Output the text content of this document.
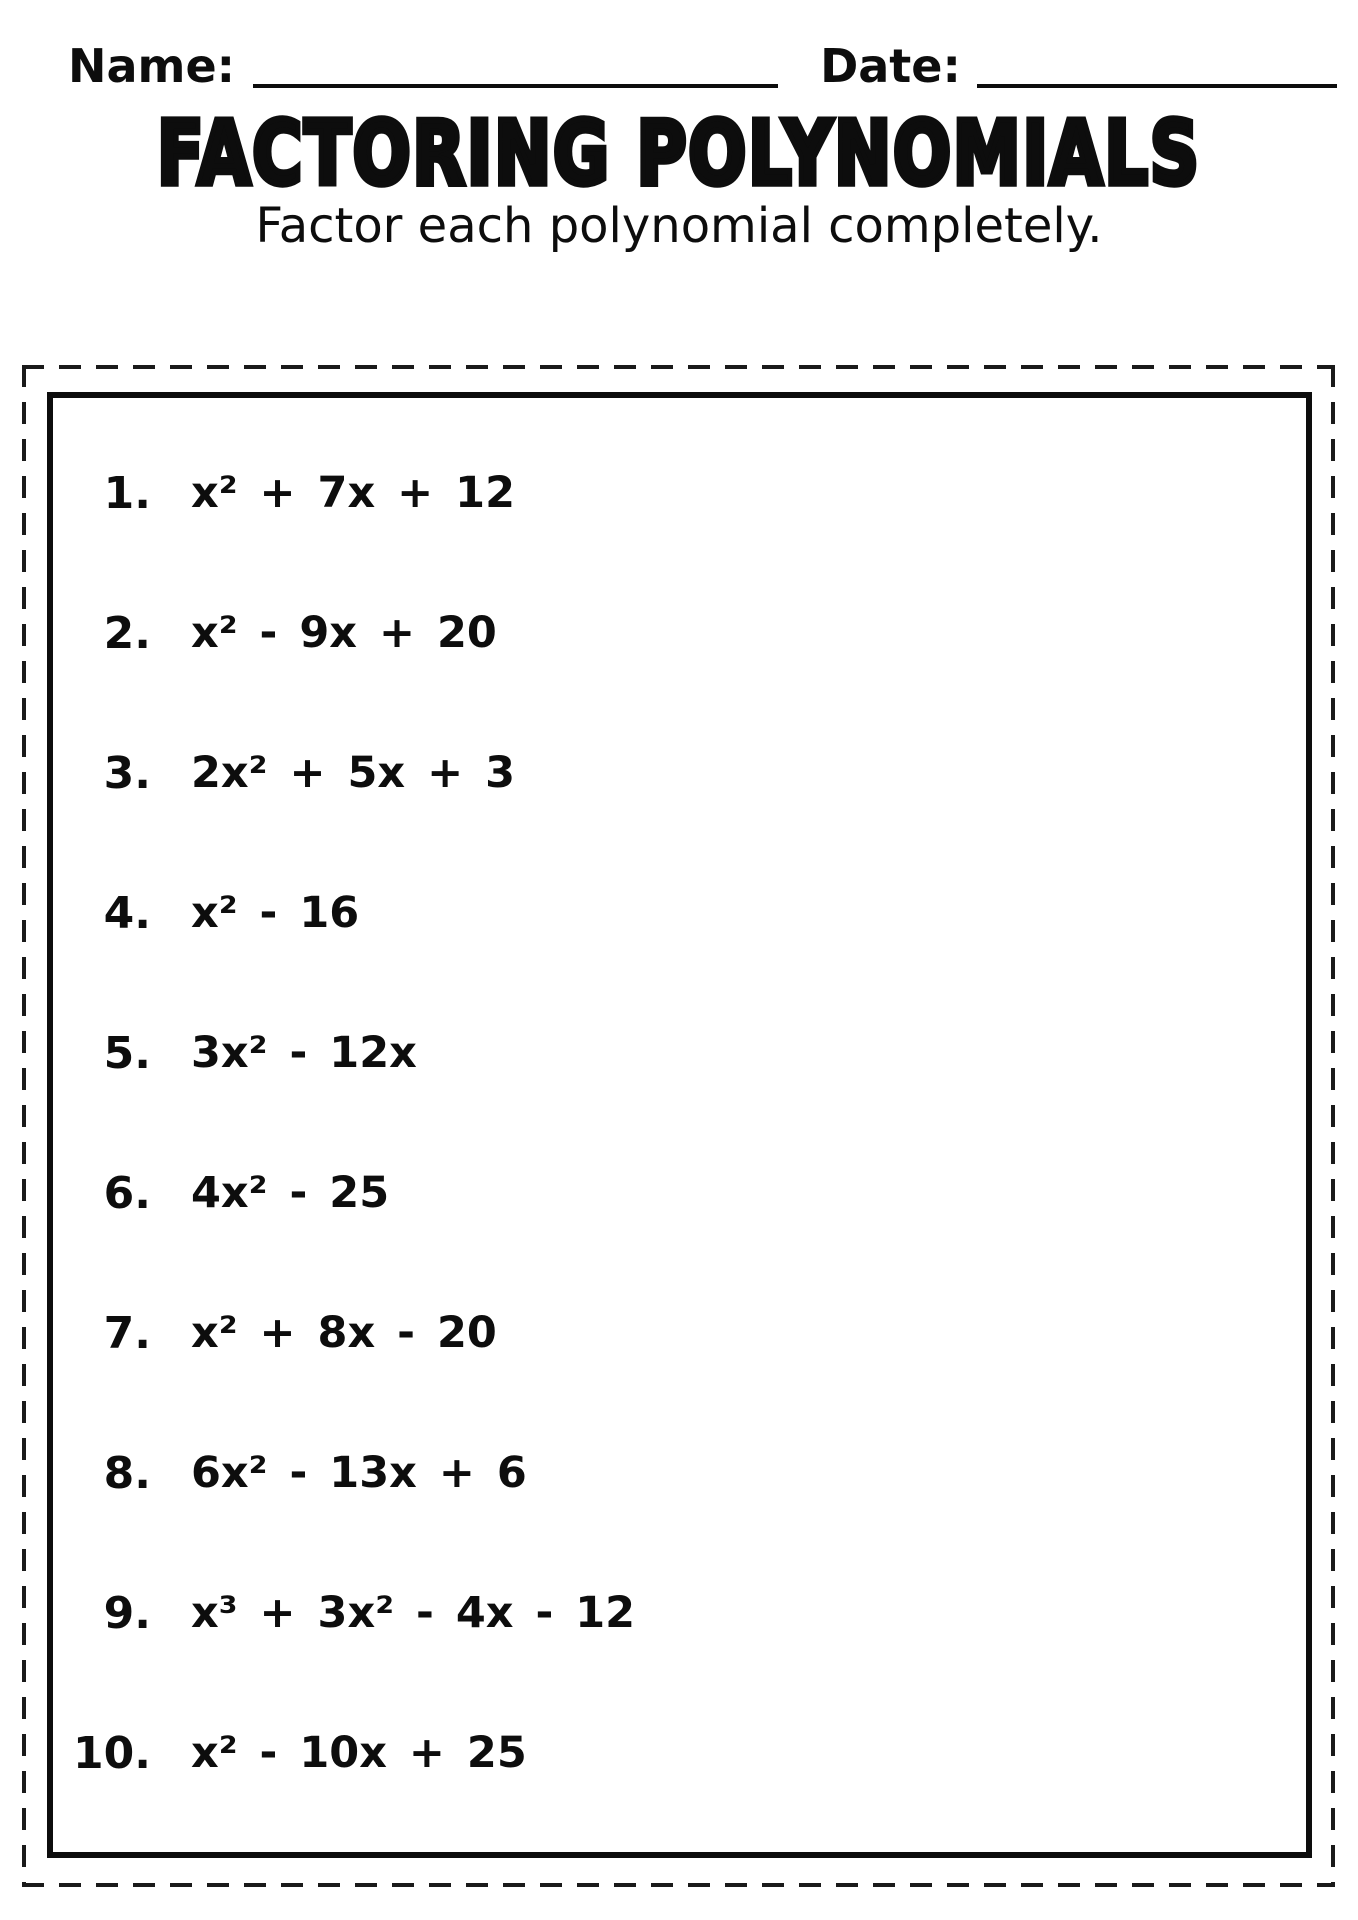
Name:	Date:
FACTORING POLYNOMIALS
Factor each polynomial completely.
1. x² + 7x + 12
2. x² - 9x + 20
3. 2x² + 5x + 3
4. x² - 16
5. 3x² - 12x
6. 4x² - 25
7. x² + 8x - 20
8. 6x² - 13x + 6
9. x³ + 3x² - 4x - 12
10. x² - 10x + 25
